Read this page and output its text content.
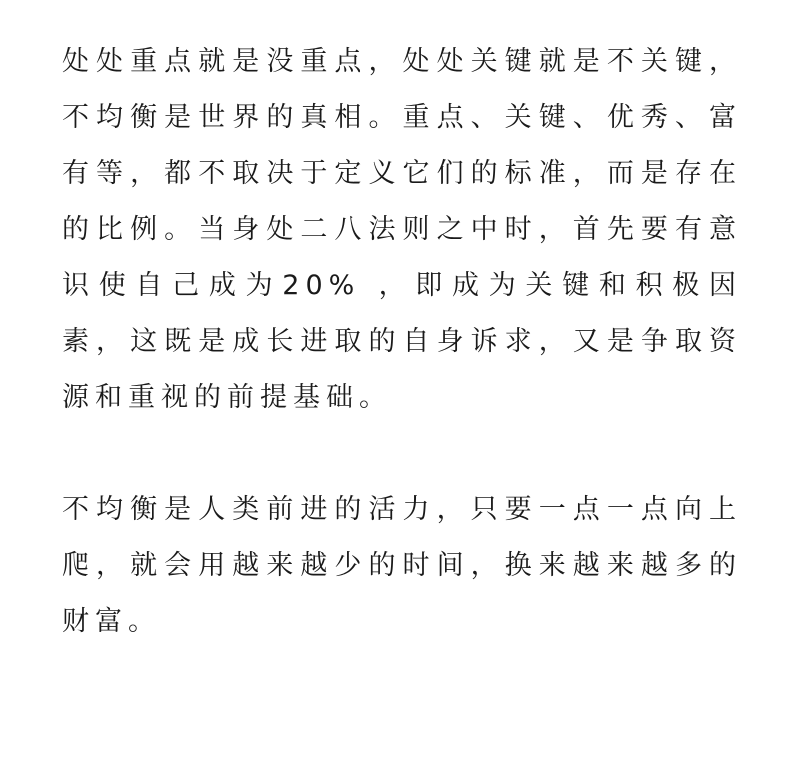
处处重点就是没重点，处处关键就是不关键，不均衡是世界的真相。重点、关键、优秀、富有等，都不取决于定义它们的标准，而是存在的比例。当身处二八法则之中时，首先要有意识使自己成为20% ，即成为关键和积极因素，这既是成长进取的自身诉求，又是争取资源和重视的前提基础。

不均衡是人类前进的活力，只要一点一点向上爬，就会用越来越少的时间，换来越来越多的财富。
